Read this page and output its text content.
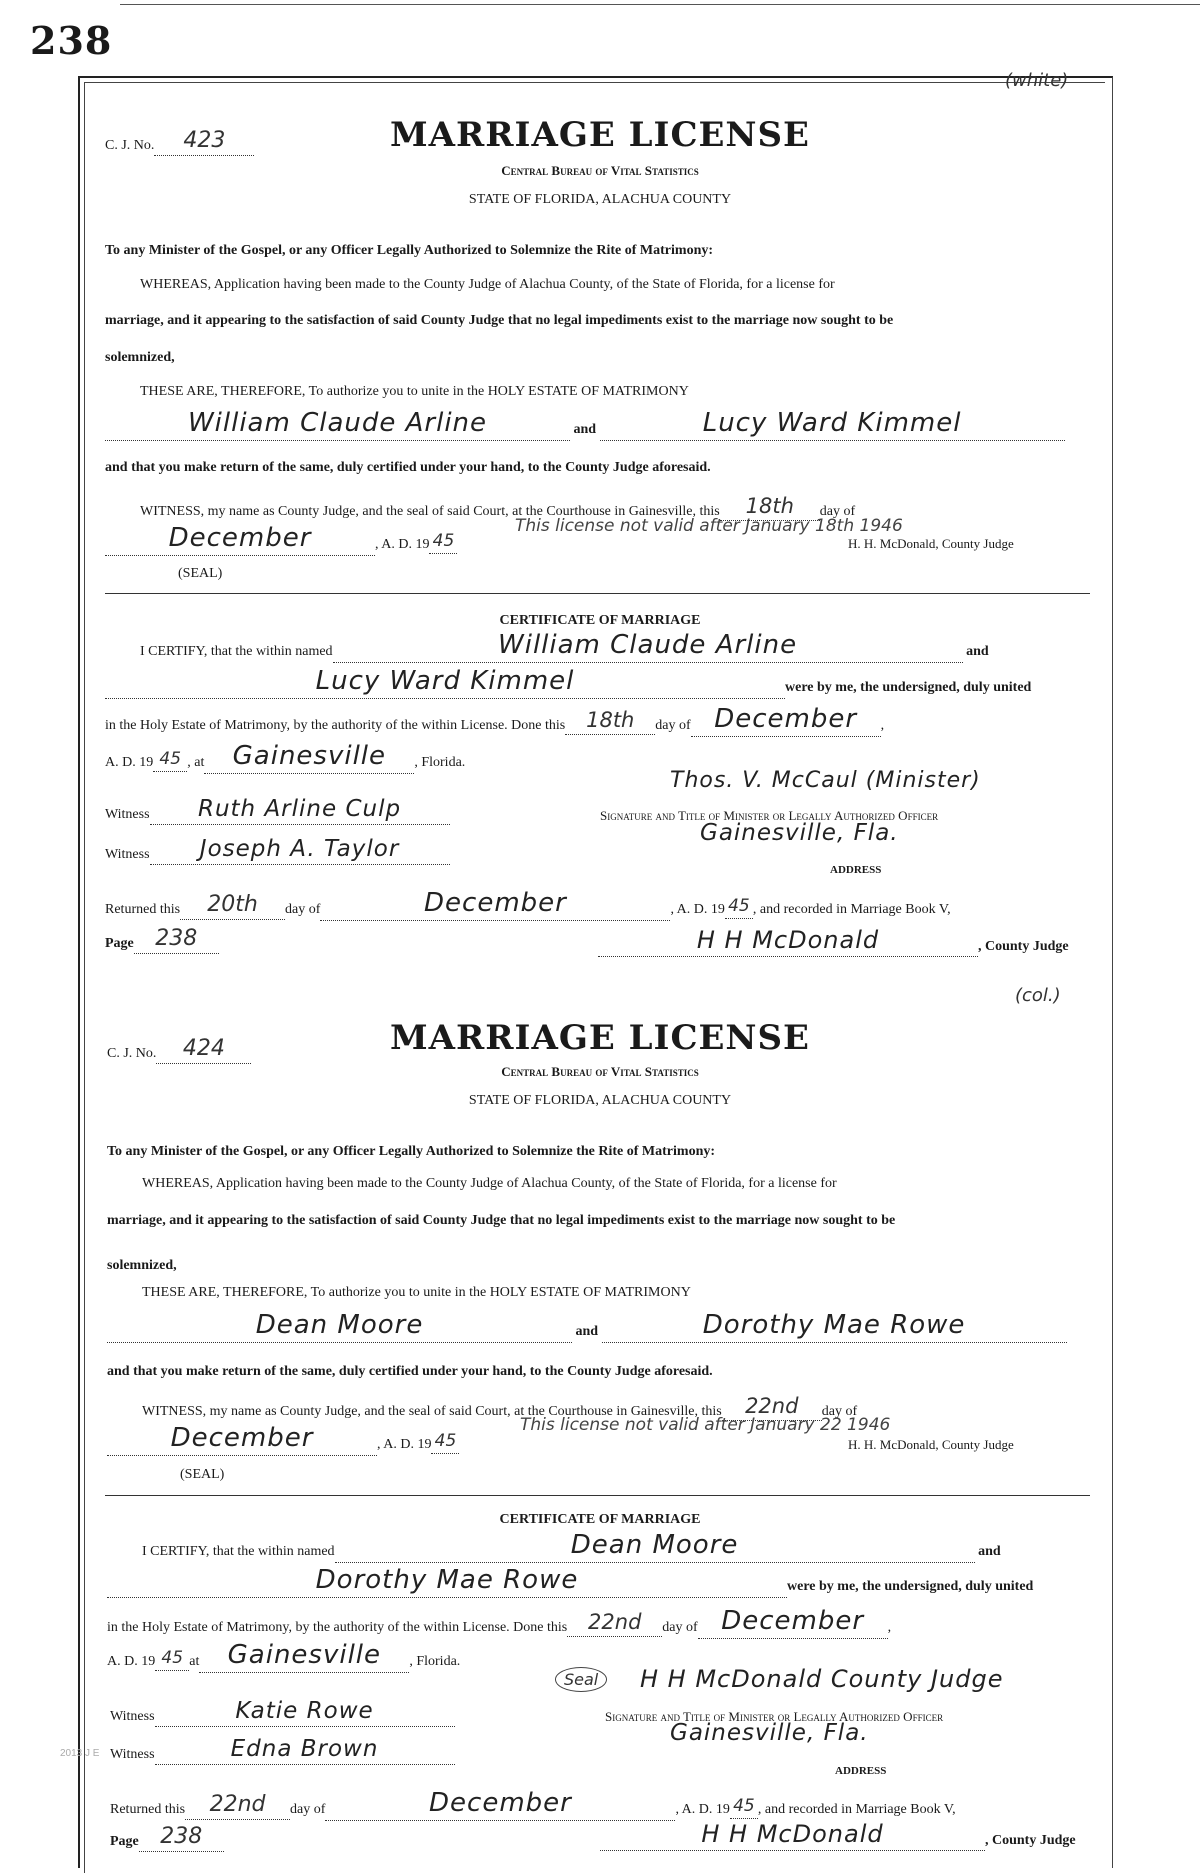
238
(white)
C. J. No. 423	MARRIAGE LICENSE
Central Bureau of Vital Statistics
STATE OF FLORIDA, ALACHUA COUNTY
To any Minister of the Gospel, or any Officer Legally Authorized to Solemnize the Rite of Matrimony:
WHEREAS, Application having been made to the County Judge of Alachua County, of the State of Florida, for a license for
marriage, and it appearing to the satisfaction of said County Judge that no legal impediments exist to the marriage now sought to be
solemnized,
THESE ARE, THEREFORE, To authorize you to unite in the HOLY ESTATE OF MATRIMONY
William Claude Arline	and	Lucy Ward Kimmel
and that you make return of the same, duly certified under your hand, to the County Judge aforesaid.
WITNESS, my name as County Judge, and the seal of said Court, at the Courthouse in Gainesville, this 18th day of
December	, A. D. 19 45
This license not valid after January 18th 1946
H. H. McDonald, County Judge
(SEAL)
CERTIFICATE OF MARRIAGE
I CERTIFY, that the within named	William Claude Arline	and
Lucy Ward Kimmel	were by me, the undersigned, duly united
in the Holy Estate of Matrimony, by the authority of the within License. Done this 18th day of December ,
A. D. 19 45 , at Gainesville , Florida.
Thos. V. McCaul (Minister)
Witness Ruth Arline Culp	Signature and Title of Minister or Legally Authorized Officer
Witness Joseph A. Taylor
Gainesville, Fla.
ADDRESS
Returned this 20th day of	December	, A. D. 19 45 , and recorded in Marriage Book V,
Page 238	H H McDonald	, County Judge
(col.)
C. J. No. 424	MARRIAGE LICENSE
Central Bureau of Vital Statistics
STATE OF FLORIDA, ALACHUA COUNTY
To any Minister of the Gospel, or any Officer Legally Authorized to Solemnize the Rite of Matrimony:
WHEREAS, Application having been made to the County Judge of Alachua County, of the State of Florida, for a license for
marriage, and it appearing to the satisfaction of said County Judge that no legal impediments exist to the marriage now sought to be
solemnized,
THESE ARE, THEREFORE, To authorize you to unite in the HOLY ESTATE OF MATRIMONY
Dean Moore	and	Dorothy Mae Rowe
and that you make return of the same, duly certified under your hand, to the County Judge aforesaid.
WITNESS, my name as County Judge, and the seal of said Court, at the Courthouse in Gainesville, this 22nd day of
December	, A. D. 19 45
This license not valid after January 22 1946
H. H. McDonald, County Judge
(SEAL)
CERTIFICATE OF MARRIAGE
I CERTIFY, that the within named	Dean Moore	and
Dorothy Mae Rowe	were by me, the undersigned, duly united
in the Holy Estate of Matrimony, by the authority of the within License. Done this 22nd day of December ,
A. D. 19 45 at Gainesville , Florida.
Seal	H H McDonald County Judge
Witness	Katie Rowe	Signature and Title of Minister or Legally Authorized Officer
Witness	Edna Brown
Gainesville, Fla.
ADDRESS
Returned this 22nd day of	December	, A. D. 19 45 , and recorded in Marriage Book V,
Page 238	H H McDonald	, County Judge
2013 J E
